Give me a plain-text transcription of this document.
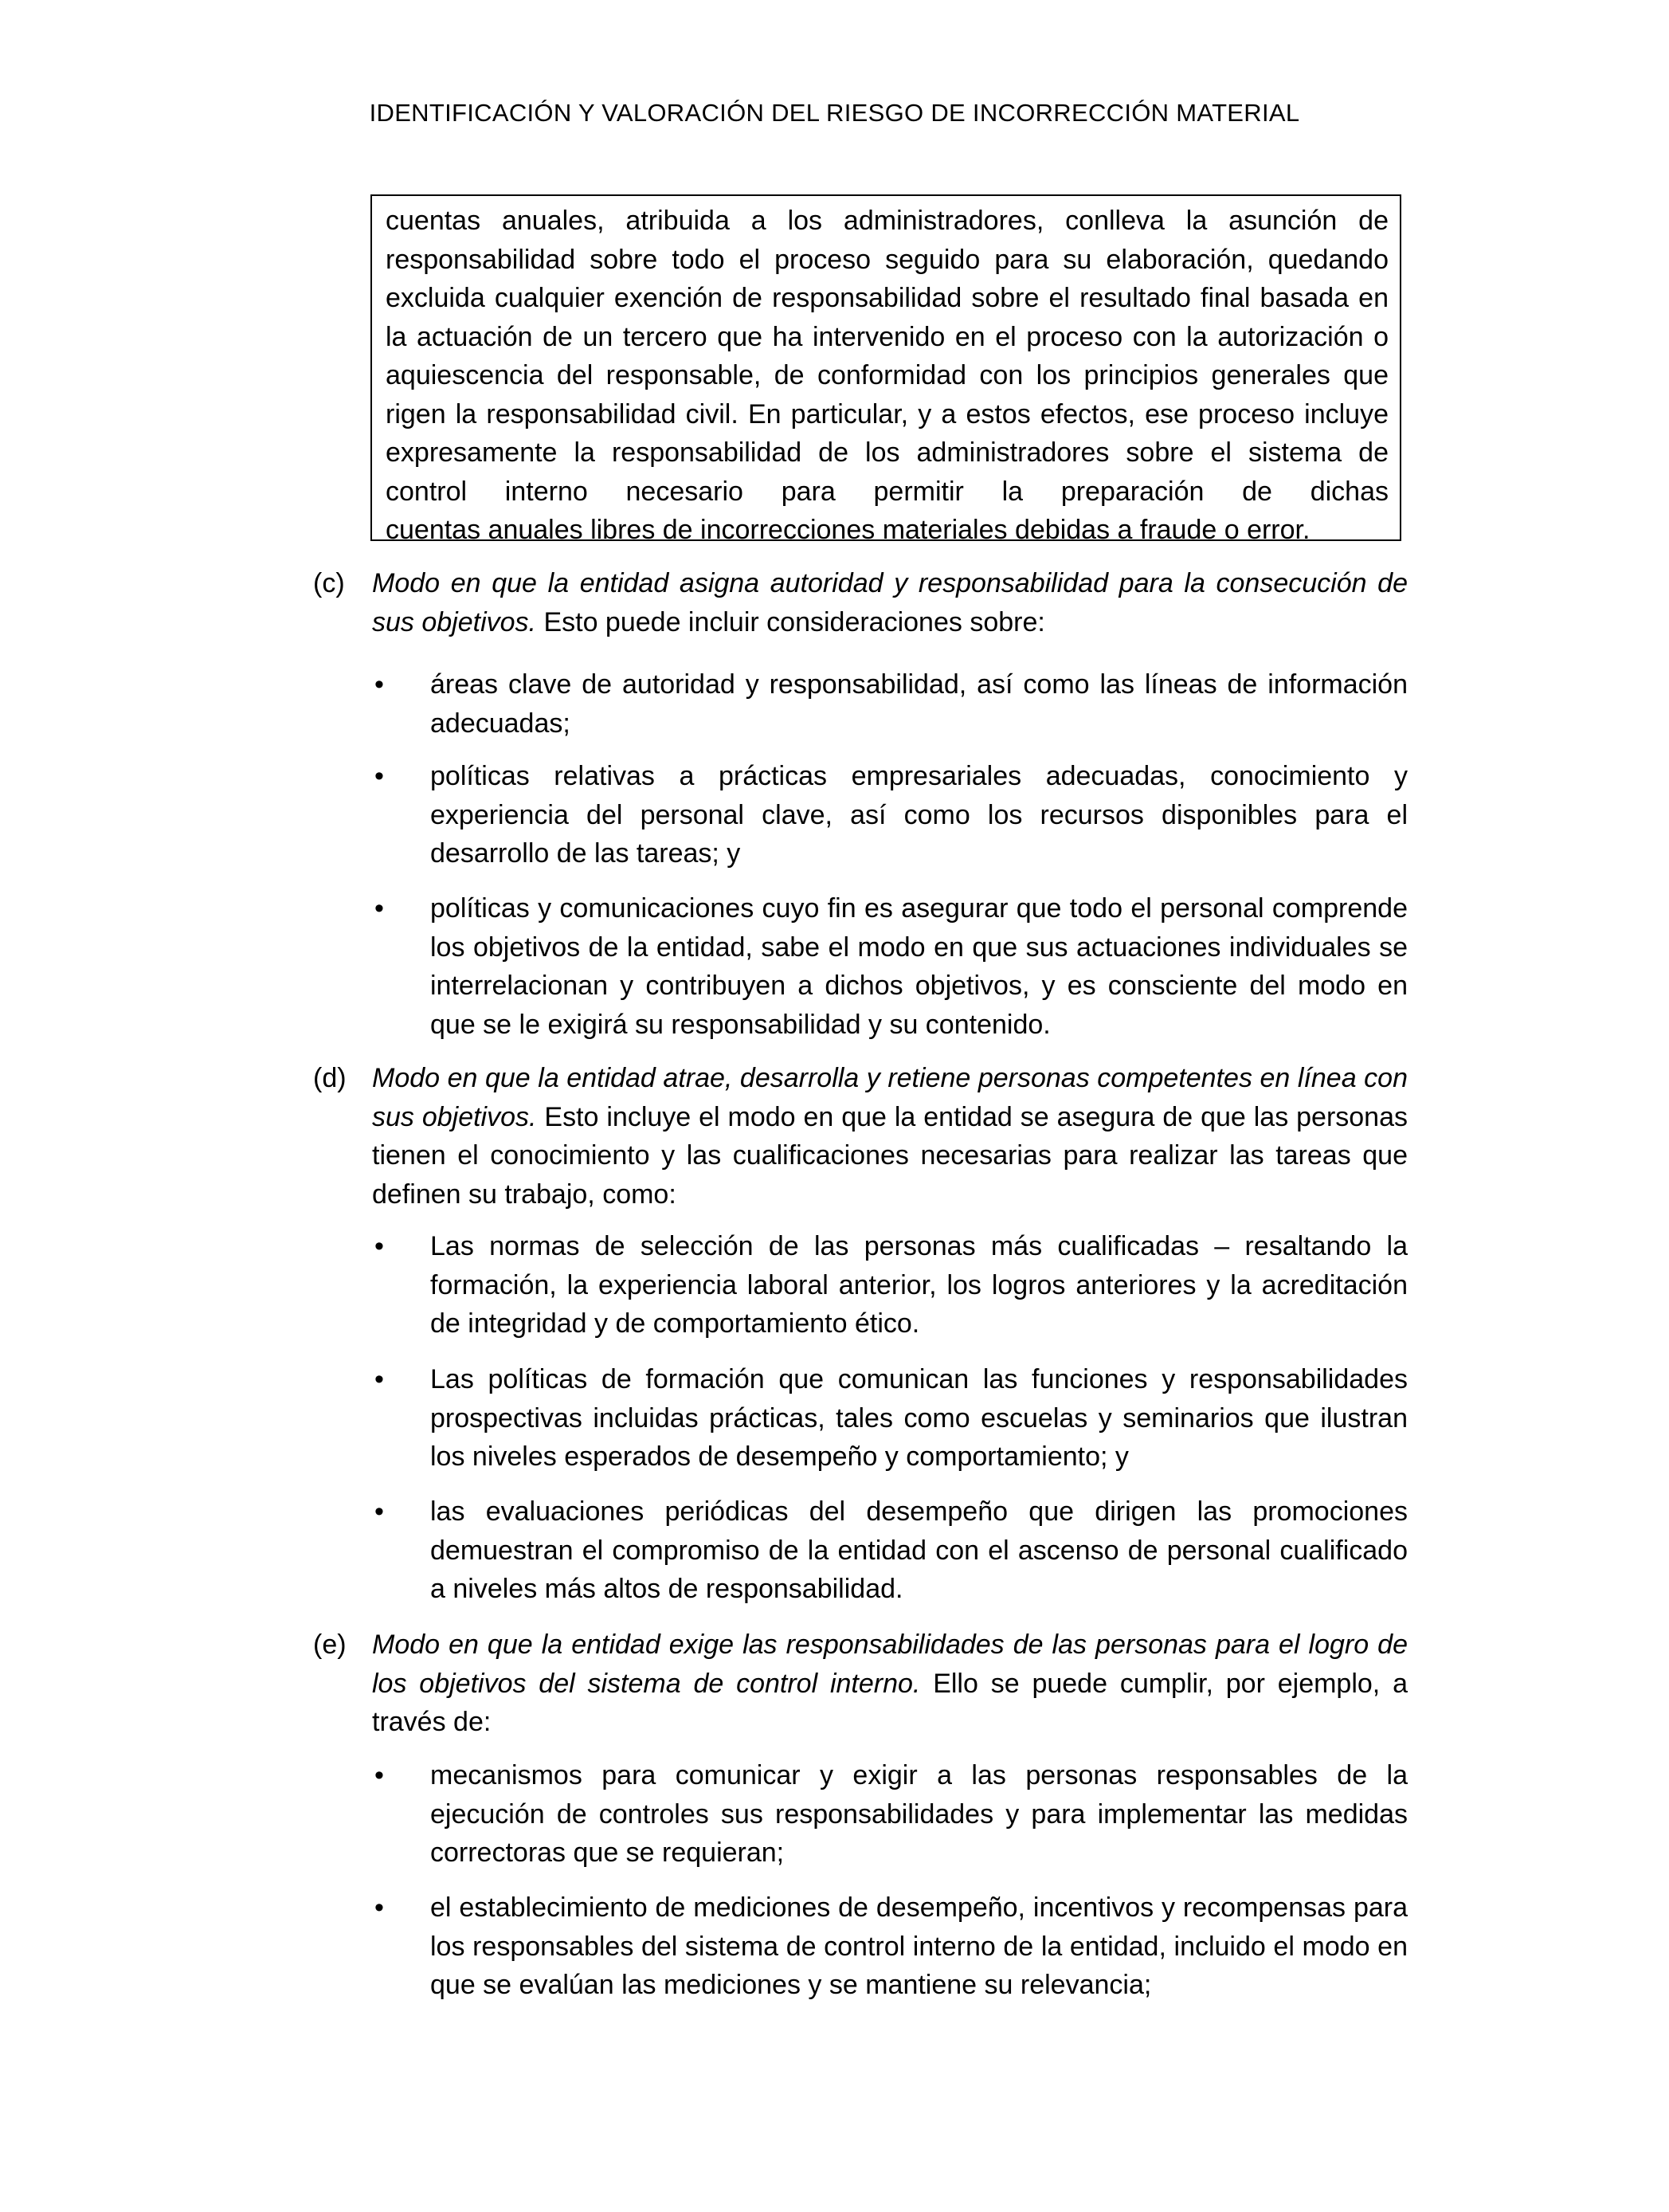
IDENTIFICACIÓN Y VALORACIÓN DEL RIESGO DE INCORRECCIÓN MATERIAL

cuentas anuales, atribuida a los administradores, conlleva la asunción de responsabilidad sobre todo el proceso seguido para su elaboración, quedando excluida cualquier exención de responsabilidad sobre el resultado final basada en la actuación de un tercero que ha intervenido en el proceso con la autorización o aquiescencia del responsable, de conformidad con los principios generales que rigen la responsabilidad civil. En particular, y a estos efectos, ese proceso incluye expresamente la responsabilidad de los administradores sobre el sistema de control interno necesario para permitir la preparación de dichas

cuentas anuales libres de incorrecciones materiales debidas a fraude o error.

(c) Modo en que la entidad asigna autoridad y responsabilidad para la consecución de sus objetivos. Esto puede incluir consideraciones sobre:
• áreas clave de autoridad y responsabilidad, así como las líneas de información adecuadas;
• políticas relativas a prácticas empresariales adecuadas, conocimiento y experiencia del personal clave, así como los recursos disponibles para el desarrollo de las tareas; y
• políticas y comunicaciones cuyo fin es asegurar que todo el personal comprende los objetivos de la entidad, sabe el modo en que sus actuaciones individuales se interrelacionan y contribuyen a dichos objetivos, y es consciente del modo en que se le exigirá su responsabilidad y su contenido.
(d) Modo en que la entidad atrae, desarrolla y retiene personas competentes en línea con sus objetivos. Esto incluye el modo en que la entidad se asegura de que las personas tienen el conocimiento y las cualificaciones necesarias para realizar las tareas que definen su trabajo, como:
• Las normas de selección de las personas más cualificadas – resaltando la formación, la experiencia laboral anterior, los logros anteriores y la acreditación de integridad y de comportamiento ético.
• Las políticas de formación que comunican las funciones y responsabilidades prospectivas incluidas prácticas, tales como escuelas y seminarios que ilustran los niveles esperados de desempeño y comportamiento; y
• las evaluaciones periódicas del desempeño que dirigen las promociones demuestran el compromiso de la entidad con el ascenso de personal cualificado a niveles más altos de responsabilidad.
(e) Modo en que la entidad exige las responsabilidades de las personas para el logro de los objetivos del sistema de control interno. Ello se puede cumplir, por ejemplo, a través de:
• mecanismos para comunicar y exigir a las personas responsables de la ejecución de controles sus responsabilidades y para implementar las medidas correctoras que se requieran;
• el establecimiento de mediciones de desempeño, incentivos y recompensas para los responsables del sistema de control interno de la entidad, incluido el modo en que se evalúan las mediciones y se mantiene su relevancia;
